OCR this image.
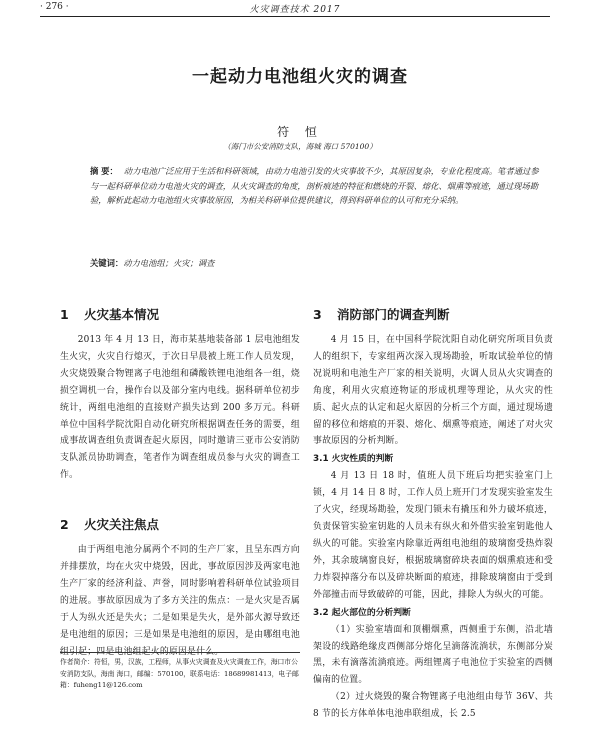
· 276 ·	火灾调查技术 2017
一起动力电池组火灾的调查
符 恒
（海门市公安消防支队，海城 海口 570100）
摘 要： 动力电池广泛应用于生活和科研领域，由动力电池引发的火灾事故不少，其原因复杂，专业化程度高。笔者通过参与一起科研单位动力电池火灾的调查，从火灾调查的角度，剖析痕迹的特征和燃烧的开裂、熔化、烟熏等痕迹，通过现场勘验，解析此起动力电池组火灾事故原因，为相关科研单位提供建议，得到科研单位的认可和充分采纳。
关键词：动力电池组；火灾；调查
1 火灾基本情况

2013 年 4 月 13 日，海市某基地装备部 1 层电池组发生火灾，火灾自行熄灭，于次日早晨被上班工作人员发现，火灾烧毁聚合物锂离子电池组和磷酸铁锂电池组各一组，烧损空调机一台，操作台以及部分室内电线。据科研单位初步统计，两组电池组的直接财产损失达到 200 多万元。科研单位中国科学院沈阳自动化研究所根据调查任务的需要，组成事故调查组负责调查起火原因，同时邀请三亚市公安消防支队派员协助调查，笔者作为调查组成员参与火灾的调查工作。

2 火灾关注焦点

由于两组电池分属两个不同的生产厂家，且呈东西方向并排摆放，均在火灾中烧毁，因此，事故原因涉及两家电池生产厂家的经济利益、声誉，同时影响着科研单位试验项目的进展。事故原因成为了多方关注的焦点：一是火灾是否属于人为纵火还是失火；二是如果是失火，是外部火源导致还是电池组的原因；三是如果是电池组的原因，是由哪组电池组引起；四是电池组起火的原因是什么。

3 消防部门的调查判断

4 月 15 日，在中国科学院沈阳自动化研究所项目负责人的组织下，专家组两次深入现场勘验，听取试验单位的情况说明和电池生产厂家的相关说明，火调人员从火灾调查的角度，利用火灾痕迹物证的形成机理等理论，从火灾的性质、起火点的认定和起火原因的分析三个方面，通过现场遗留的移位和熔痕的开裂、熔化、烟熏等痕迹，阐述了对火灾事故原因的分析判断。

3.1 火灾性质的判断

4 月 13 日 18 时，值班人员下班后均把实验室门上锁，4 月 14 日 8 时，工作人员上班开门才发现实验室发生了火灾，经现场勘验，发现门锁未有撬压和外力破坏痕迹，负责保管实验室钥匙的人员未有纵火和外借实验室钥匙他人纵火的可能。实验室内除靠近两组电池组的玻璃窗受热炸裂外，其余玻璃窗良好，根据玻璃窗碎块表面的烟熏痕迹和受力炸裂掉落分布以及碎块断面的痕迹，排除玻璃窗由于受到外部撞击而导致破碎的可能，因此，排除人为纵火的可能。

3.2 起火部位的分析判断

（1）实验室墙面和顶棚烟熏，西侧重于东侧，沿北墙架设的线路绝缘皮西侧部分熔化呈滴落流淌状，东侧部分炭黑，未有滴落流淌痕迹。两组锂离子电池位于实验室的西侧偏南的位置。

（2）过火烧毁的聚合物锂离子电池组由每节 36V、共 8 节的长方体单体电池串联组成，长 2.5

作者简介：符恒，男，汉族，工程师，从事火灾调查及火灾调查工作，海口市公安消防支队，海南 海口，邮编：570100，联系电话：18689981413，电子邮箱：fuheng11@126.com
